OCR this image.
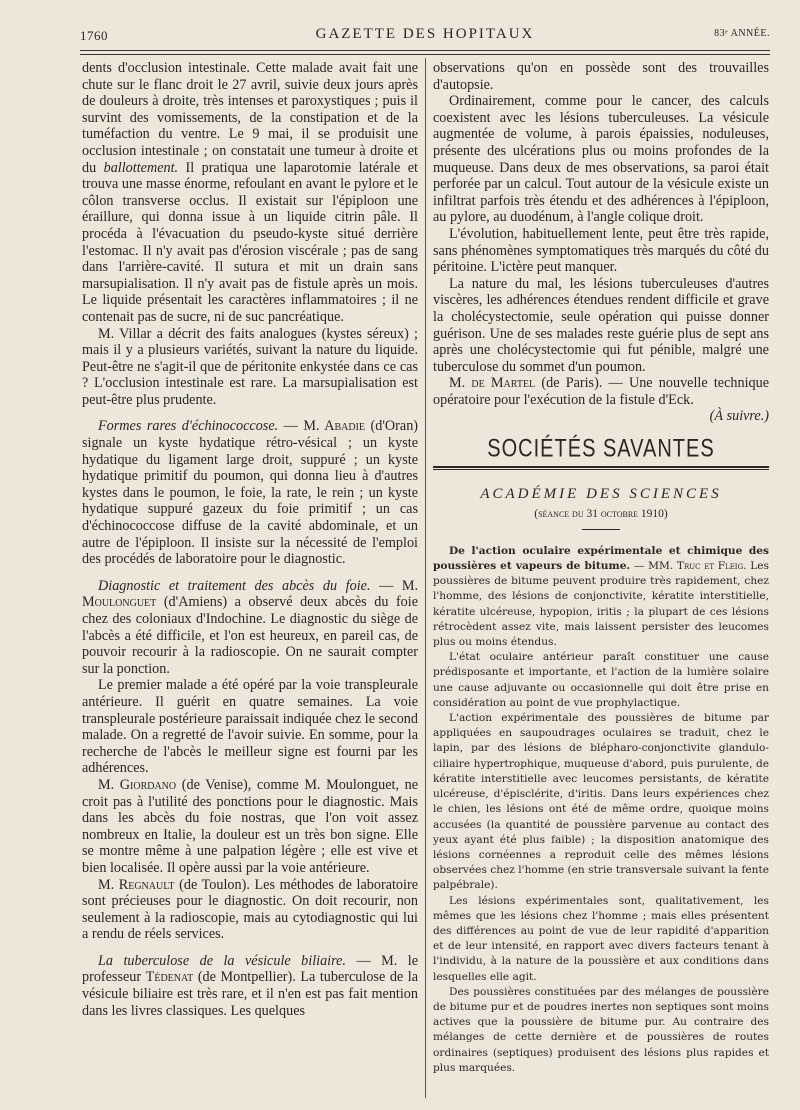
1760	GAZETTE DES HOPITAUX	83ᵉ ANNÉE.

dents d'occlusion intestinale. Cette malade avait fait une chute sur le flanc droit le 27 avril, suivie deux jours après de douleurs à droite, très intenses et paroxystiques ; puis il survint des vomissements, de la constipation et de la tuméfaction du ventre. Le 9 mai, il se produisit une occlusion intestinale ; on constatait une tumeur à droite et du ballottement. Il pratiqua une laparotomie latérale et trouva une masse énorme, refoulant en avant le pylore et le côlon transverse occlus. Il existait sur l'épiploon une éraillure, qui donna issue à un liquide citrin pâle. Il procéda à l'évacuation du pseudo-kyste situé derrière l'estomac. Il n'y avait pas d'érosion viscérale ; pas de sang dans l'arrière-cavité. Il sutura et mit un drain sans marsupialisation. Il n'y avait pas de fistule après un mois. Le liquide présentait les caractères inflammatoires ; il ne contenait pas de sucre, ni de suc pancréatique.

M. Villar a décrit des faits analogues (kystes séreux) ; mais il y a plusieurs variétés, suivant la nature du liquide. Peut-être ne s'agit-il que de péritonite enkystée dans ce cas ? L'occlusion intestinale est rare. La marsupialisation est peut-être plus prudente.

Formes rares d'échinococcose. — M. Abadie (d'Oran) signale un kyste hydatique rétro-vésical ; un kyste hydatique du ligament large droit, suppuré ; un kyste hydatique primitif du poumon, qui donna lieu à d'autres kystes dans le poumon, le foie, la rate, le rein ; un kyste hydatique suppuré gazeux du foie primitif ; un cas d'échinococcose diffuse de la cavité abdominale, et un autre de l'épiploon. Il insiste sur la nécessité de l'emploi des procédés de laboratoire pour le diagnostic.

Diagnostic et traitement des abcès du foie. — M. Moulonguet (d'Amiens) a observé deux abcès du foie chez des coloniaux d'Indochine. Le diagnostic du siège de l'abcès a été difficile, et l'on est heureux, en pareil cas, de pouvoir recourir à la radioscopie. On ne saurait compter sur la ponction.

Le premier malade a été opéré par la voie transpleurale antérieure. Il guérit en quatre semaines. La voie transpleurale postérieure paraissait indiquée chez le second malade. On a regretté de l'avoir suivie. En somme, pour la recherche de l'abcès le meilleur signe est fourni par les adhérences.

M. Giordano (de Venise), comme M. Moulonguet, ne croit pas à l'utilité des ponctions pour le diagnostic. Mais dans les abcès du foie nostras, que l'on voit assez nombreux en Italie, la douleur est un très bon signe. Elle se montre même à une palpation légère ; elle est vive et bien localisée. Il opère aussi par la voie antérieure.

M. Regnault (de Toulon). Les méthodes de laboratoire sont précieuses pour le diagnostic. On doit recourir, non seulement à la radioscopie, mais au cytodiagnostic qui lui a rendu de réels services.

La tuberculose de la vésicule biliaire. — M. le professeur Tédenat (de Montpellier). La tuberculose de la vésicule biliaire est très rare, et il n'en est pas fait mention dans les livres classiques. Les quelques

observations qu'on en possède sont des trouvailles d'autopsie.

Ordinairement, comme pour le cancer, des calculs coexistent avec les lésions tuberculeuses. La vésicule augmentée de volume, à parois épaissies, noduleuses, présente des ulcérations plus ou moins profondes de la muqueuse. Dans deux de mes observations, sa paroi était perforée par un calcul. Tout autour de la vésicule existe un infiltrat parfois très étendu et des adhérences à l'épiploon, au pylore, au duodénum, à l'angle colique droit.

L'évolution, habituellement lente, peut être très rapide, sans phénomènes symptomatiques très marqués du côté du péritoine. L'ictère peut manquer.

La nature du mal, les lésions tuberculeuses d'autres viscères, les adhérences étendues rendent difficile et grave la cholécystectomie, seule opération qui puisse donner guérison. Une de ses malades reste guérie plus de sept ans après une cholécystectomie qui fut pénible, malgré une tuberculose du sommet d'un poumon.

M. de Martel (de Paris). — Une nouvelle technique opératoire pour l'exécution de la fistule d'Eck.

(À suivre.)

SOCIÉTÉS SAVANTES
ACADÉMIE DES SCIENCES
(séance du 31 octobre 1910)

De l'action oculaire expérimentale et chimique des poussières et vapeurs de bitume. — MM. Truc et Fleig. Les poussières de bitume peuvent produire très rapidement, chez l'homme, des lésions de conjonctivite, kératite interstitielle, kératite ulcéreuse, hypopion, iritis ; la plupart de ces lésions rétrocèdent assez vite, mais laissent persister des leucomes plus ou moins étendus.

L'état oculaire antérieur paraît constituer une cause prédisposante et importante, et l'action de la lumière solaire une cause adjuvante ou occasionnelle qui doit être prise en considération au point de vue prophylactique.

L'action expérimentale des poussières de bitume par appliquées en saupoudrages oculaires se traduit, chez le lapin, par des lésions de blépharo-conjonctivite glandulo-ciliaire hypertrophique, muqueuse d'abord, puis purulente, de kératite interstitielle avec leucomes persistants, de kératite ulcéreuse, d'épisclérite, d'iritis. Dans leurs expériences chez le chien, les lésions ont été de même ordre, quoique moins accusées (la quantité de poussière parvenue au contact des yeux ayant été plus faible) ; la disposition anatomique des lésions cornéennes a reproduit celle des mêmes lésions observées chez l'homme (en strie transversale suivant la fente palpébrale).

Les lésions expérimentales sont, qualitativement, les mêmes que les lésions chez l'homme ; mais elles présentent des différences au point de vue de leur rapidité d'apparition et de leur intensité, en rapport avec divers facteurs tenant à l'individu, à la nature de la poussière et aux conditions dans lesquelles elle agit.

Des poussières constituées par des mélanges de poussière de bitume pur et de poudres inertes non septiques sont moins actives que la poussière de bitume pur. Au contraire des mélanges de cette dernière et de poussières de routes ordinaires (septiques) produisent des lésions plus rapides et plus marquées.
